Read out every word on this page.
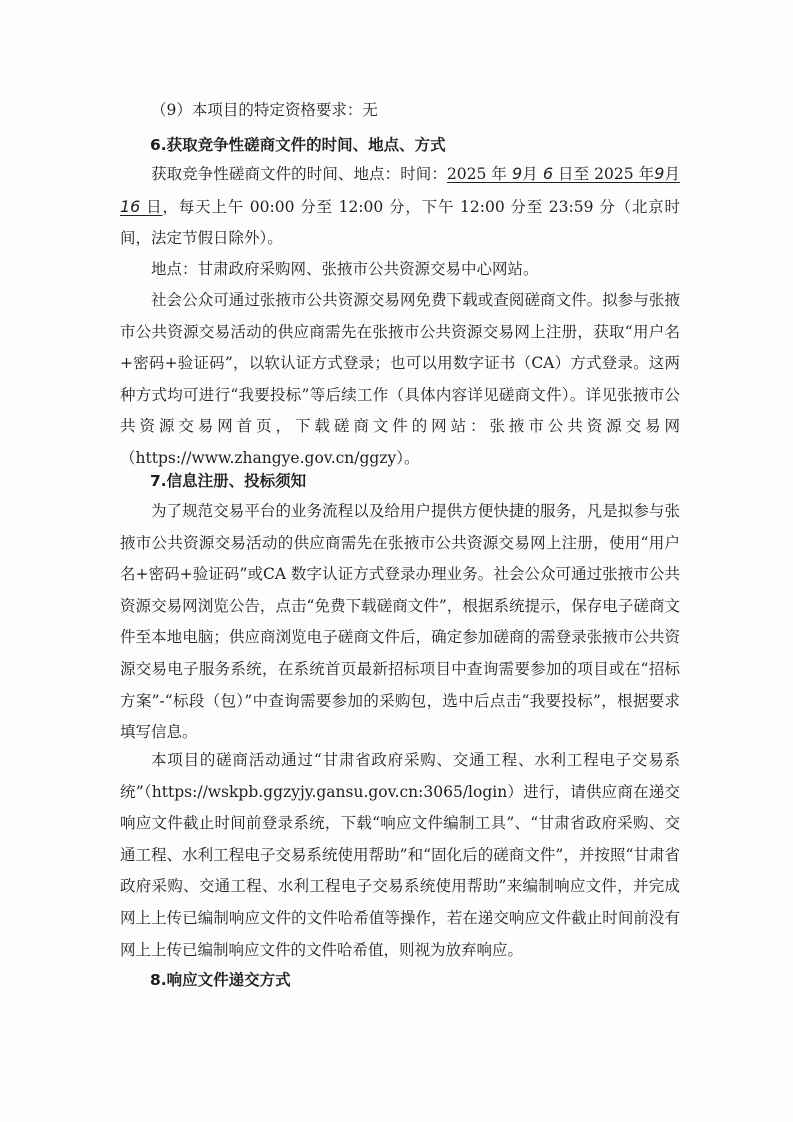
（9）本项目的特定资格要求：无
6.获取竞争性磋商文件的时间、地点、方式
获取竞争性磋商文件的时间、地点：时间：2025 年 9月 6 日至 2025 年9月16 日，每天上午 00:00 分至 12:00 分，下午 12:00 分至 23:59 分（北京时间，法定节假日除外）。
地点：甘肃政府采购网、张掖市公共资源交易中心网站。
社会公众可通过张掖市公共资源交易网免费下载或查阅磋商文件。拟参与张掖市公共资源交易活动的供应商需先在张掖市公共资源交易网上注册，获取“用户名+密码+验证码”，以软认证方式登录；也可以用数字证书（CA）方式登录。这两种方式均可进行“我要投标”等后续工作（具体内容详见磋商文件）。详见张掖市公共资源交易网首页，下载磋商文件的网站：张掖市公共资源交易网（https://www.zhangye.gov.cn/ggzy）。
7.信息注册、投标须知
为了规范交易平台的业务流程以及给用户提供方便快捷的服务，凡是拟参与张掖市公共资源交易活动的供应商需先在张掖市公共资源交易网上注册，使用“用户名+密码+验证码”或CA 数字认证方式登录办理业务。社会公众可通过张掖市公共资源交易网浏览公告，点击“免费下载磋商文件”，根据系统提示，保存电子磋商文件至本地电脑；供应商浏览电子磋商文件后，确定参加磋商的需登录张掖市公共资源交易电子服务系统，在系统首页最新招标项目中查询需要参加的项目或在“招标方案”-“标段（包）”中查询需要参加的采购包，选中后点击“我要投标”，根据要求填写信息。
本项目的磋商活动通过“甘肃省政府采购、交通工程、水利工程电子交易系统”（https://wskpb.ggzyjy.gansu.gov.cn:3065/login）进行，请供应商在递交响应文件截止时间前登录系统，下载“响应文件编制工具”、“甘肃省政府采购、交通工程、水利工程电子交易系统使用帮助”和“固化后的磋商文件”，并按照“甘肃省政府采购、交通工程、水利工程电子交易系统使用帮助”来编制响应文件，并完成网上上传已编制响应文件的文件哈希值等操作，若在递交响应文件截止时间前没有网上上传已编制响应文件的文件哈希值，则视为放弃响应。
8.响应文件递交方式
